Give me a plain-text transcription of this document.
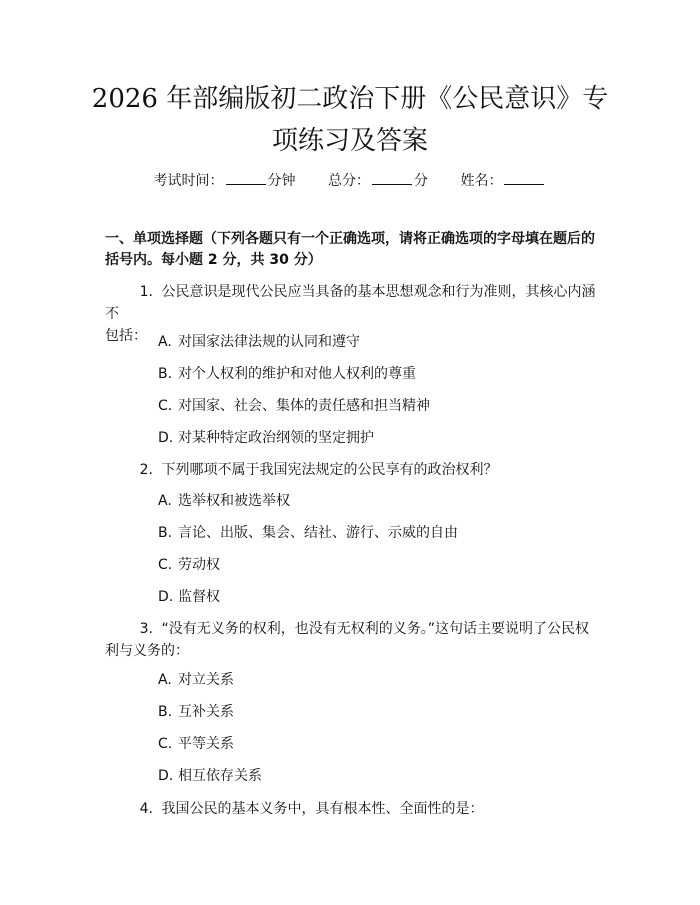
2026 年部编版初二政治下册《公民意识》专
项练习及答案
考试时间：	分钟 总分：	分 姓名：
一、单项选择题（下列各题只有一个正确选项，请将正确选项的字母填在题后的
括号内。每小题 2 分，共 30 分）
1. 公民意识是现代公民应当具备的基本思想观念和行为准则，其核心内涵不
包括： A. 对国家法律法规的认同和遵守
B. 对个人权利的维护和对他人权利的尊重
C. 对国家、社会、集体的责任感和担当精神
D. 对某种特定政治纲领的坚定拥护
2. 下列哪项不属于我国宪法规定的公民享有的政治权利？
A. 选举权和被选举权
B. 言论、出版、集会、结社、游行、示威的自由
C. 劳动权
D. 监督权
3. “没有无义务的权利，也没有无权利的义务。”这句话主要说明了公民权
利与义务的：
A. 对立关系
B. 互补关系
C. 平等关系
D. 相互依存关系
4. 我国公民的基本义务中，具有根本性、全面性的是：
